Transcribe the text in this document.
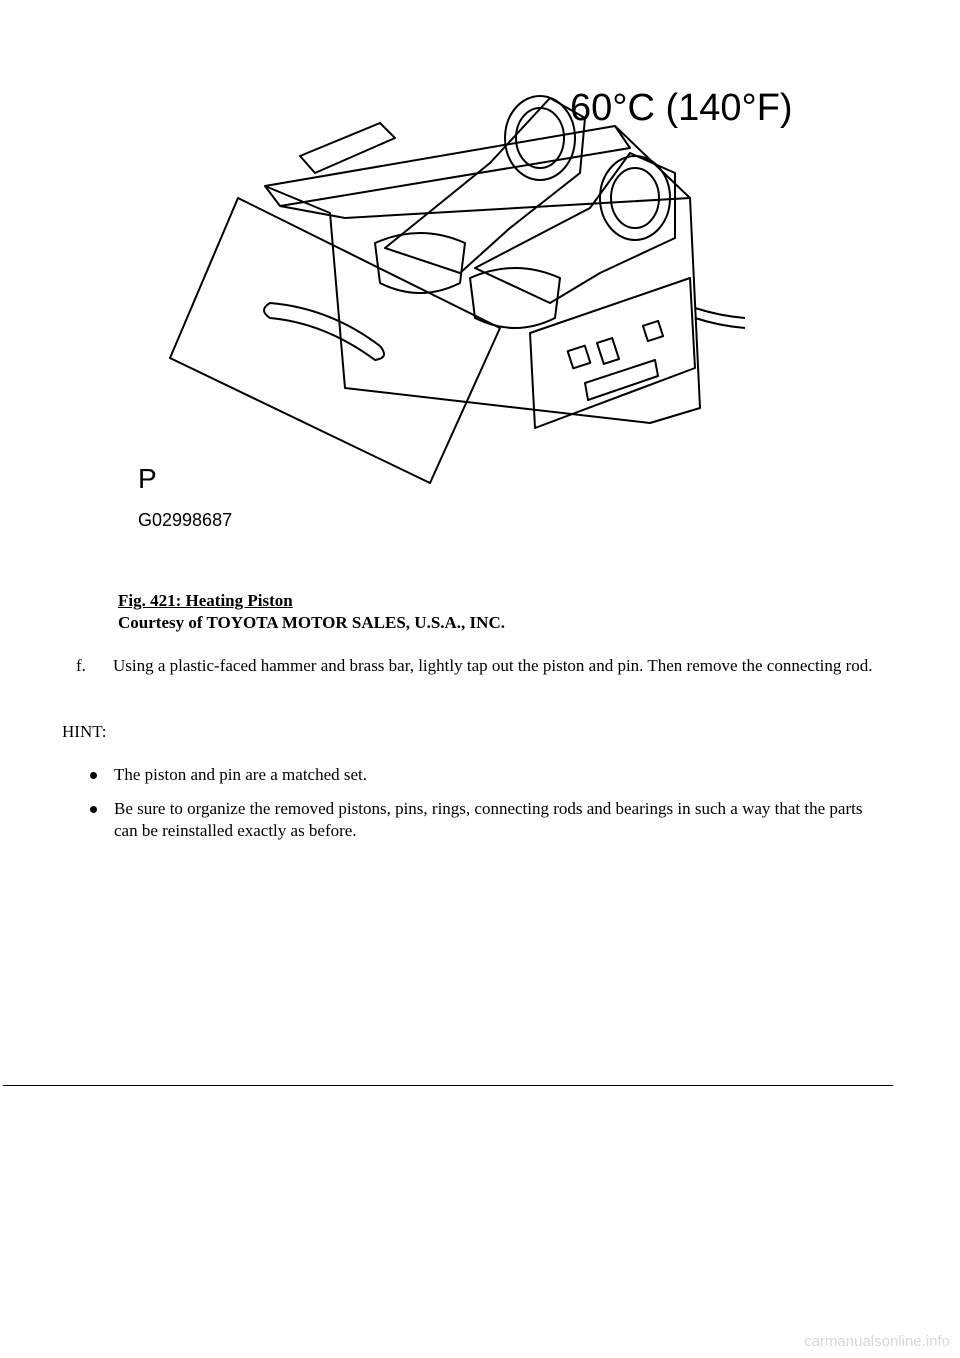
60°C (140°F)
P
G02998687
Fig. 421: Heating Piston
Courtesy of TOYOTA MOTOR SALES, U.S.A., INC.
f. Using a plastic-faced hammer and brass bar, lightly tap out the piston and pin. Then remove the connecting rod.
HINT:
The piston and pin are a matched set.
Be sure to organize the removed pistons, pins, rings, connecting rods and bearings in such a way that the parts can be reinstalled exactly as before.
carmanualsonline.info
